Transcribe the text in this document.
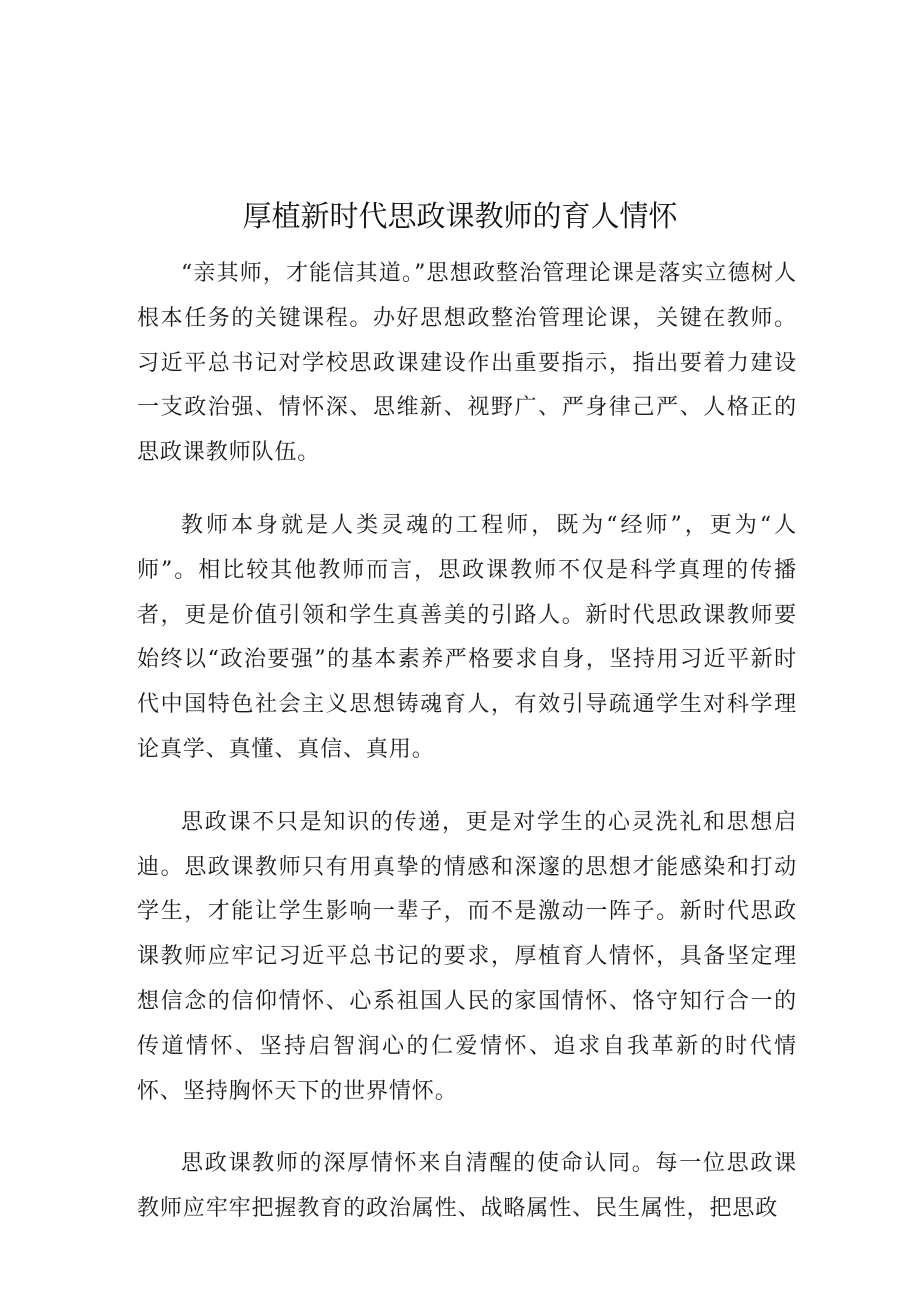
厚植新时代思政课教师的育人情怀

“亲其师，才能信其道。”思想政整治管理论课是落实立德树人根本任务的关键课程。办好思想政整治管理论课，关键在教师。习近平总书记对学校思政课建设作出重要指示，指出要着力建设一支政治强、情怀深、思维新、视野广、严身律己严、人格正的思政课教师队伍。

教师本身就是人类灵魂的工程师，既为“经师”，更为“人师”。相比较其他教师而言，思政课教师不仅是科学真理的传播者，更是价值引领和学生真善美的引路人。新时代思政课教师要始终以“政治要强”的基本素养严格要求自身，坚持用习近平新时代中国特色社会主义思想铸魂育人，有效引导疏通学生对科学理论真学、真懂、真信、真用。

思政课不只是知识的传递，更是对学生的心灵洗礼和思想启迪。思政课教师只有用真挚的情感和深邃的思想才能感染和打动学生，才能让学生影响一辈子，而不是激动一阵子。新时代思政课教师应牢记习近平总书记的要求，厚植育人情怀，具备坚定理想信念的信仰情怀、心系祖国人民的家国情怀、恪守知行合一的传道情怀、坚持启智润心的仁爱情怀、追求自我革新的时代情怀、坚持胸怀天下的世界情怀。

思政课教师的深厚情怀来自清醒的使命认同。每一位思政课教师应牢牢把握教育的政治属性、战略属性、民生属性，把思政
